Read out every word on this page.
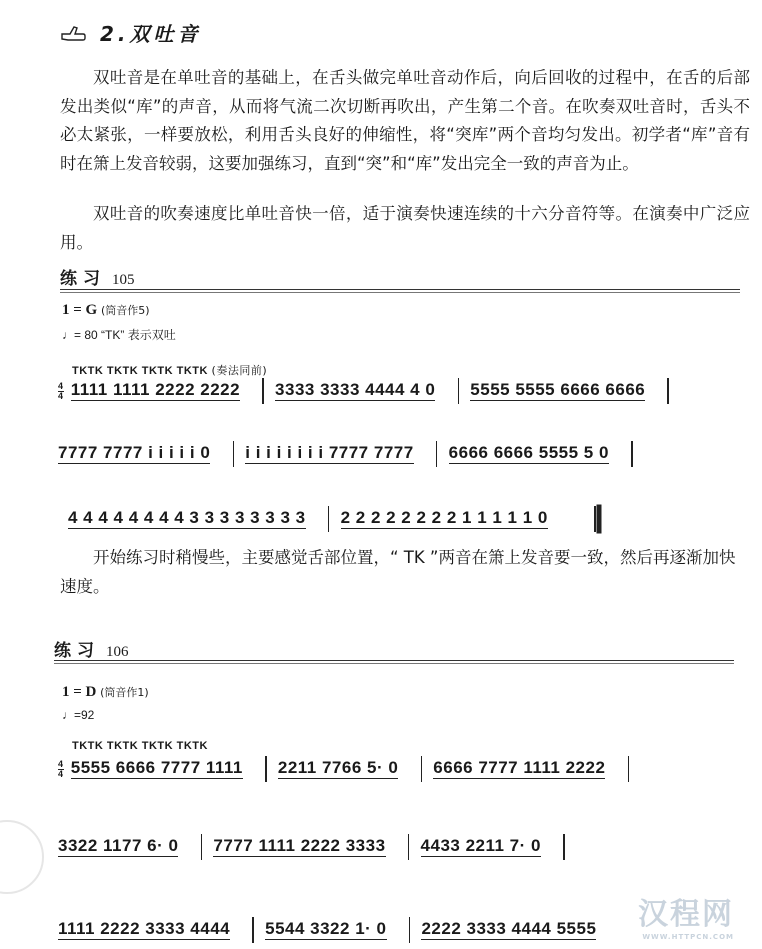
2.双吐音
双吐音是在单吐音的基础上，在舌头做完单吐音动作后，向后回收的过程中，在舌的后部发出类似“库”的声音，从而将气流二次切断再吹出，产生第二个音。在吹奏双吐音时，舌头不必太紧张，一样要放松，利用舌头良好的伸缩性，将“突库”两个音均匀发出。初学者“库”音有时在箫上发音较弱，这要加强练习，直到“突”和“库”发出完全一致的声音为止。
双吐音的吹奏速度比单吐音快一倍，适于演奏快速连续的十六分音符等。在演奏中广泛应用。
练习 105
1 = G (筒音作5)
♩= 80 “TK” 表示双吐
TKTK TKTK TKTK TKTK (奏法同前)
$\frac{4}{4} 1111$ 1111 2222 2222 3333 3333 4444 4 0 5555 5555 6666 6666
7777 7777 i i i i i 0 i i i i i i i i 7777 7777 6666 6666 5555 5 0
4 4 4 4 4 4 4 4 3 3 3 3 3 3 3 3 2 2 2 2 2 2 2 2 1 1 1 1 1 0
开始练习时稍慢些，主要感觉舌部位置，“ TK ”两音在箫上发音要一致，然后再逐渐加快速度。
练习 106
1 = D (筒音作1)
♩=92
TKTK TKTK TKTK TKTK
$\frac{4}{4} 5555$ 6666 7777 1111 2211 7766 5· 0 6666 7777 1111 2222
3322 1177 6· 0 7777 1111 2222 3333 4433 2211 7· 0
1111 2222 3333 4444 5544 3322 1· 0 2222 3333 4444 5555	汉程网
WWW.HTTPCN.COM
